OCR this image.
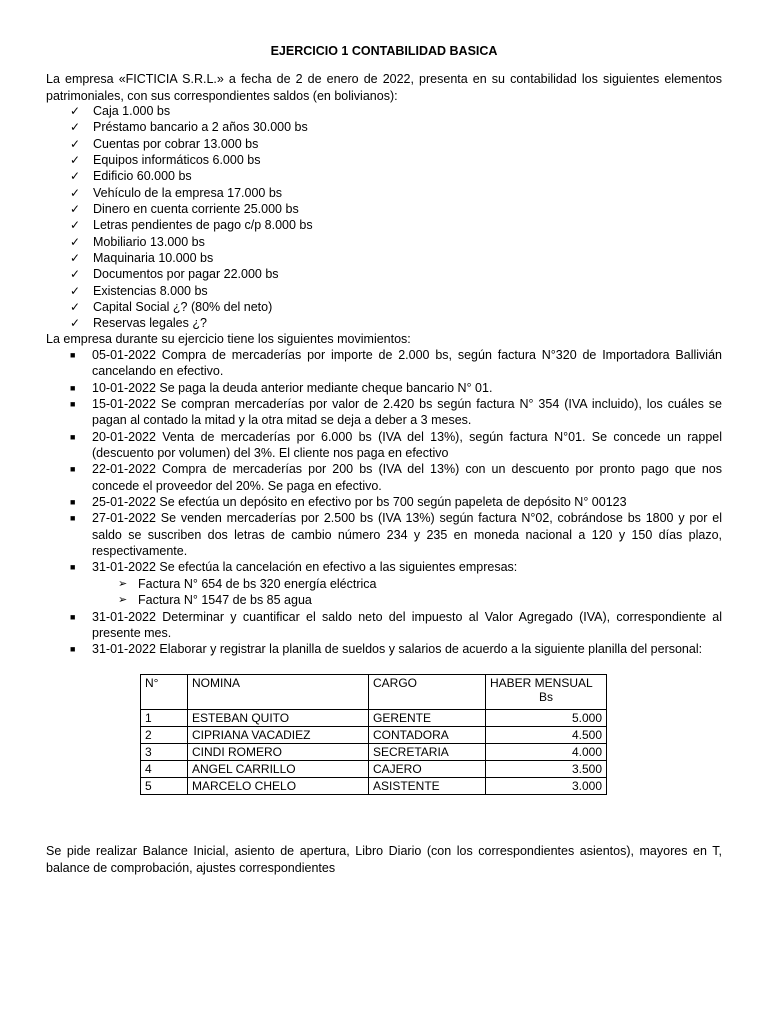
EJERCICIO 1 CONTABILIDAD BASICA
La empresa «FICTICIA S.R.L.» a fecha de 2 de enero de 2022, presenta en su contabilidad los siguientes elementos patrimoniales, con sus correspondientes saldos (en bolivianos):
✓ Caja 1.000 bs
✓ Préstamo bancario a 2 años 30.000 bs
✓ Cuentas por cobrar 13.000 bs
✓ Equipos informáticos 6.000 bs
✓ Edificio 60.000 bs
✓ Vehículo de la empresa 17.000 bs
✓ Dinero en cuenta corriente 25.000 bs
✓ Letras pendientes de pago c/p 8.000 bs
✓ Mobiliario 13.000 bs
✓ Maquinaria 10.000 bs
✓ Documentos por pagar 22.000 bs
✓ Existencias 8.000 bs
✓ Capital Social ¿? (80% del neto)
✓ Reservas legales ¿?
La empresa durante su ejercicio tiene los siguientes movimientos:
■ 05-01-2022 Compra de mercaderías por importe de 2.000 bs, según factura N°320 de Importadora Ballivián cancelando en efectivo.
■ 10-01-2022 Se paga la deuda anterior mediante cheque bancario N° 01.
■ 15-01-2022 Se compran mercaderías por valor de 2.420 bs según factura N° 354 (IVA incluido), los cuáles se pagan al contado la mitad y la otra mitad se deja a deber a 3 meses.
■ 20-01-2022 Venta de mercaderías por 6.000 bs (IVA del 13%), según factura N°01. Se concede un rappel (descuento por volumen) del 3%. El cliente nos paga en efectivo
■ 22-01-2022 Compra de mercaderías por 200 bs (IVA del 13%) con un descuento por pronto pago que nos concede el proveedor del 20%. Se paga en efectivo.
■ 25-01-2022 Se efectúa un depósito en efectivo por bs 700 según papeleta de depósito N° 00123
■ 27-01-2022 Se venden mercaderías por 2.500 bs (IVA 13%) según factura N°02, cobrándose bs 1800 y por el saldo se suscriben dos letras de cambio número 234 y 235 en moneda nacional a 120 y 150 días plazo, respectivamente.
■ 31-01-2022 Se efectúa la cancelación en efectivo a las siguientes empresas:
➢ Factura N° 654 de bs 320 energía eléctrica
➢ Factura N° 1547 de bs 85 agua
■ 31-01-2022 Determinar y cuantificar el saldo neto del impuesto al Valor Agregado (IVA), correspondiente al presente mes.
■ 31-01-2022 Elaborar y registrar la planilla de sueldos y salarios de acuerdo a la siguiente planilla del personal:
N°	NOMINA	CARGO	HABER MENSUAL
Bs

1	ESTEBAN QUITO	GERENTE	5.000
2	CIPRIANA VACADIEZ	CONTADORA	4.500
3	CINDI ROMERO	SECRETARIA	4.000
4	ANGEL CARRILLO	CAJERO	3.500
5	MARCELO CHELO	ASISTENTE	3.000
Se pide realizar Balance Inicial, asiento de apertura, Libro Diario (con los correspondientes asientos), mayores en T, balance de comprobación, ajustes correspondientes
